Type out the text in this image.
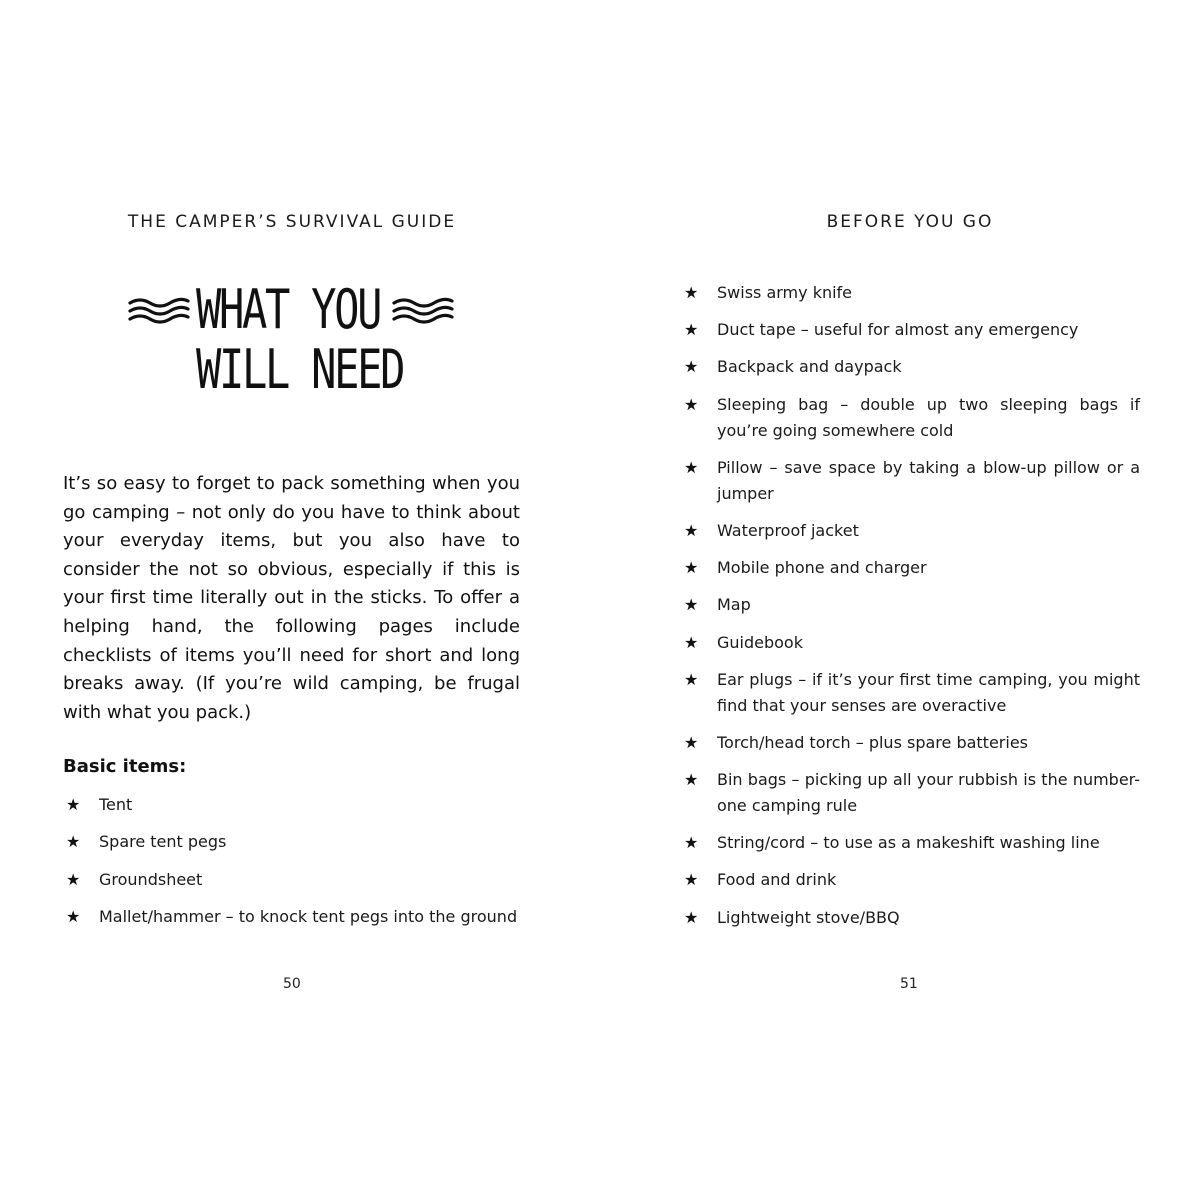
THE CAMPER’S SURVIVAL GUIDE
WHAT YOU
WILL NEED

It’s so easy to forget to pack something when you go camping – not only do you have to think about your everyday items, but you also have to consider the not so obvious, especially if this is your first time literally out in the sticks. To offer a helping hand, the following pages include checklists of items you’ll need for short and long breaks away. (If you’re wild camping, be frugal with what you pack.)

Basic items:
★ Tent
★ Spare tent pegs
★ Groundsheet
★ Mallet/hammer – to knock tent pegs into the ground
50
BEFORE YOU GO
★ Swiss army knife
★ Duct tape – useful for almost any emergency
★ Backpack and daypack
★ Sleeping bag – double up two sleeping bags if you’re going somewhere cold
★ Pillow – save space by taking a blow-up pillow or a jumper
★ Waterproof jacket
★ Mobile phone and charger
★ Map
★ Guidebook
★ Ear plugs – if it’s your first time camping, you might find that your senses are overactive
★ Torch/head torch – plus spare batteries
★ Bin bags – picking up all your rubbish is the number-one camping rule
★ String/cord – to use as a makeshift washing line
★ Food and drink
★ Lightweight stove/BBQ
51
